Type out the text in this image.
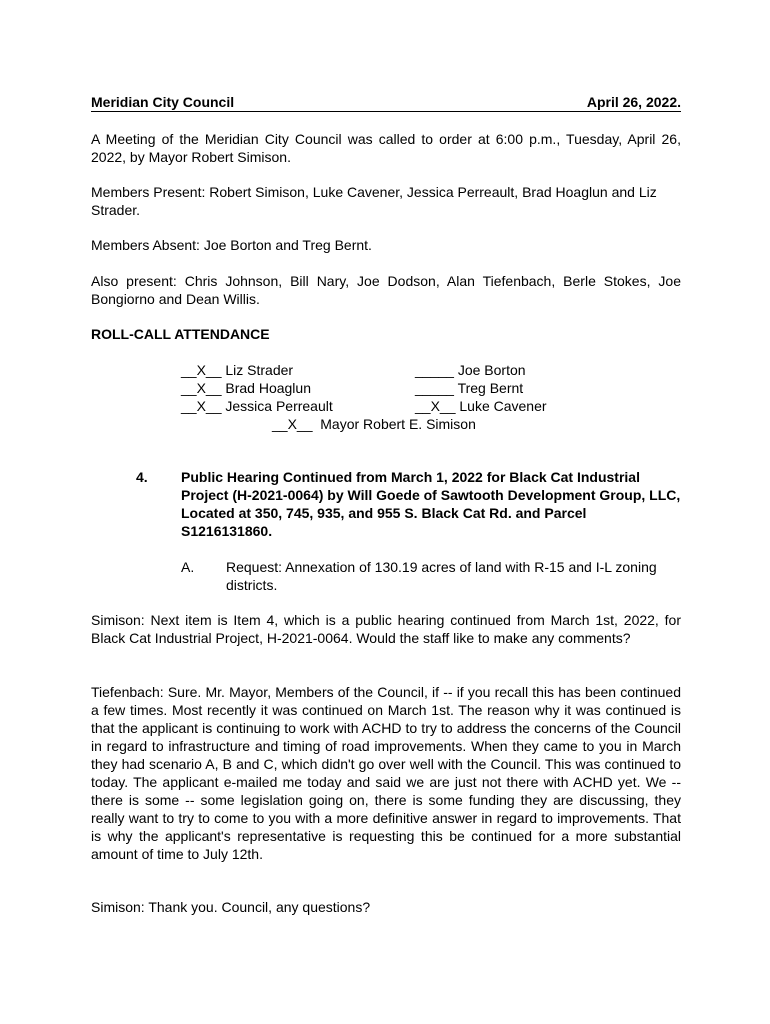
Meridian City Council	April 26, 2022.
A Meeting of the Meridian City Council was called to order at 6:00 p.m., Tuesday, April 26, 2022, by Mayor Robert Simison.
Members Present: Robert Simison, Luke Cavener, Jessica Perreault, Brad Hoaglun and Liz Strader.
Members Absent: Joe Borton and Treg Bernt.
Also present: Chris Johnson, Bill Nary, Joe Dodson, Alan Tiefenbach, Berle Stokes, Joe Bongiorno and Dean Willis.
ROLL-CALL ATTENDANCE
__X__ Liz Strader
__X__ Brad Hoaglun
__X__ Jessica Perreault
_____ Joe Borton
_____ Treg Bernt
__X__ Luke Cavener
__X__  Mayor Robert E. Simison
4. Public Hearing Continued from March 1, 2022 for Black Cat Industrial Project (H-2021-0064) by Will Goede of Sawtooth Development Group, LLC, Located at 350, 745, 935, and 955 S. Black Cat Rd. and Parcel S1216131860.
A. Request: Annexation of 130.19 acres of land with R-15 and I-L zoning districts.
Simison: Next item is Item 4, which is a public hearing continued from March 1st, 2022, for Black Cat Industrial Project, H-2021-0064. Would the staff like to make any comments?
Tiefenbach: Sure. Mr. Mayor, Members of the Council, if -- if you recall this has been continued a few times. Most recently it was continued on March 1st. The reason why it was continued is that the applicant is continuing to work with ACHD to try to address the concerns of the Council in regard to infrastructure and timing of road improvements. When they came to you in March they had scenario A, B and C, which didn't go over well with the Council. This was continued to today. The applicant e-mailed me today and said we are just not there with ACHD yet. We -- there is some -- some legislation going on, there is some funding they are discussing, they really want to try to come to you with a more definitive answer in regard to improvements. That is why the applicant's representative is requesting this be continued for a more substantial amount of time to July 12th.
Simison: Thank you. Council, any questions?
